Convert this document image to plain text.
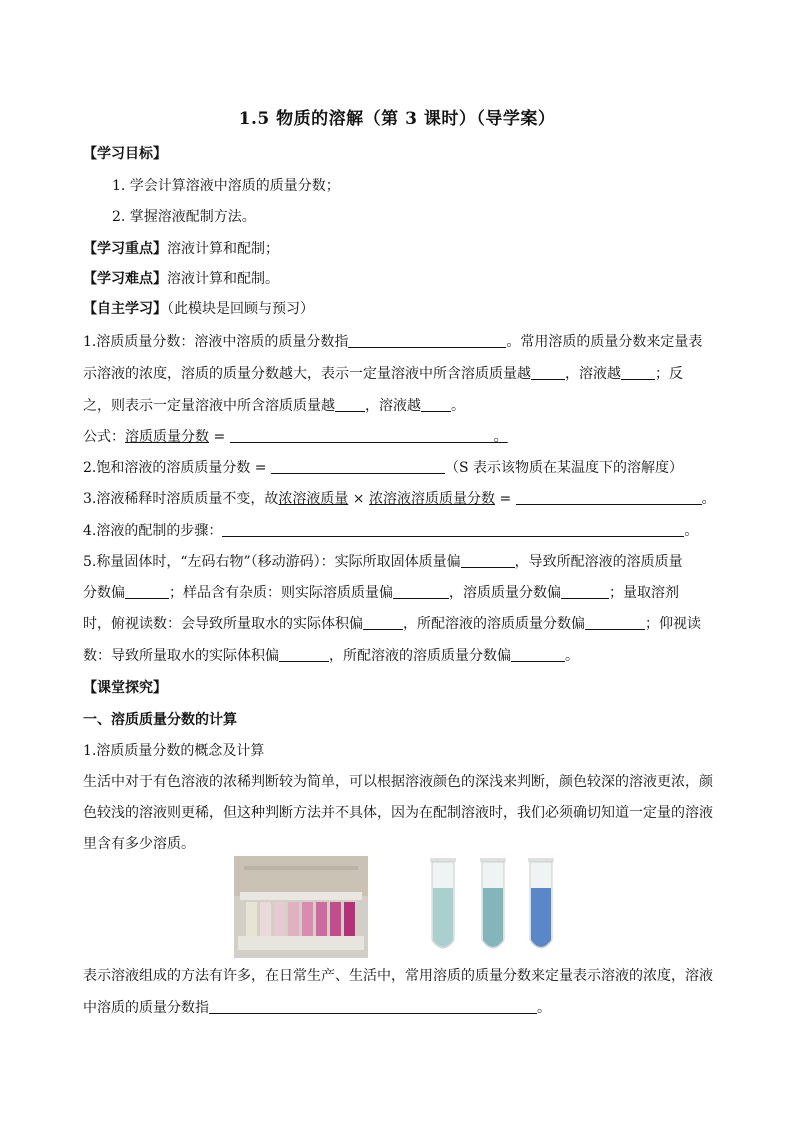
1.5 物质的溶解（第 3 课时）（导学案）
【学习目标】
1. 学会计算溶液中溶质的质量分数；
2. 掌握溶液配制方法。
【学习重点】溶液计算和配制；
【学习难点】溶液计算和配制。
【自主学习】（此模块是回顾与预习）
1.溶质质量分数：溶液中溶质的质量分数指	。常用溶质的质量分数来定量表
示溶液的浓度，溶质的质量分数越大，表示一定量溶液中所含溶质质量越 ，溶液越 ；反
之，则表示一定量溶液中所含溶质质量越 ，溶液越 。
公式：溶质质量分数 =	。
2.饱和溶液的溶质质量分数 =	（S 表示该物质在某温度下的溶解度）
3.溶液稀释时溶质质量不变，故浓溶液质量 × 浓溶液溶质质量分数 =	。
4.溶液的配制的步骤：	。
5.称量固体时，“左码右物”（移动游码）：实际所取固体质量偏	，导致所配溶液的溶质质量
分数偏	；样品含有杂质：则实际溶质质量偏	，溶质质量分数偏	；量取溶剂
时，俯视读数：会导致所量取水的实际体积偏	，所配溶液的溶质质量分数偏	；仰视读
数：导致所量取水的实际体积偏	，所配溶液的溶质质量分数偏	。
【课堂探究】
一、溶质质量分数的计算
1.溶质质量分数的概念及计算
生活中对于有色溶液的浓稀判断较为简单，可以根据溶液颜色的深浅来判断，颜色较深的溶液更浓，颜
色较浅的溶液则更稀，但这种判断方法并不具体，因为在配制溶液时，我们必须确切知道一定量的溶液
里含有多少溶质。
表示溶液组成的方法有许多，在日常生产、生活中，常用溶质的质量分数来定量表示溶液的浓度，溶液
中溶质的质量分数指	。
